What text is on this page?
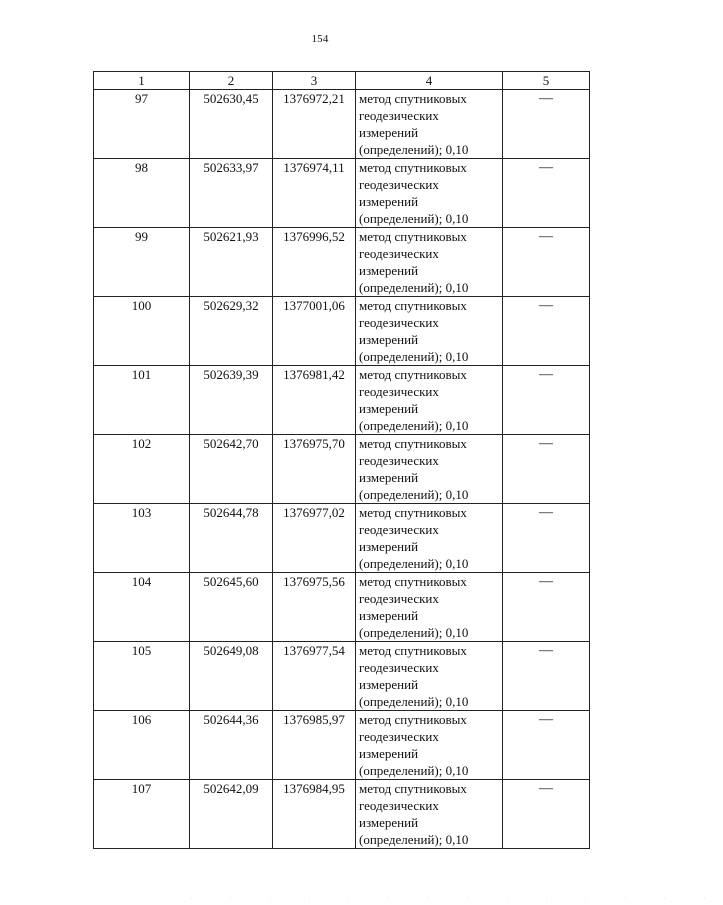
154
1	2	3	4	5
97	502630,45	1376972,21	метод спутниковых
геодезических
измерений
(определений); 0,10	—
98	502633,97	1376974,11	метод спутниковых
геодезических
измерений
(определений); 0,10	—
99	502621,93	1376996,52	метод спутниковых
геодезических
измерений
(определений); 0,10	—
100	502629,32	1377001,06	метод спутниковых
геодезических
измерений
(определений); 0,10	—
101	502639,39	1376981,42	метод спутниковых
геодезических
измерений
(определений); 0,10	—
102	502642,70	1376975,70	метод спутниковых
геодезических
измерений
(определений); 0,10	—
103	502644,78	1376977,02	метод спутниковых
геодезических
измерений
(определений); 0,10	—
104	502645,60	1376975,56	метод спутниковых
геодезических
измерений
(определений); 0,10	—
105	502649,08	1376977,54	метод спутниковых
геодезических
измерений
(определений); 0,10	—
106	502644,36	1376985,97	метод спутниковых
геодезических
измерений
(определений); 0,10	—
107	502642,09	1376984,95	метод спутниковых
геодезических
измерений
(определений); 0,10	—
· · · · · · · · · · · · · ·
